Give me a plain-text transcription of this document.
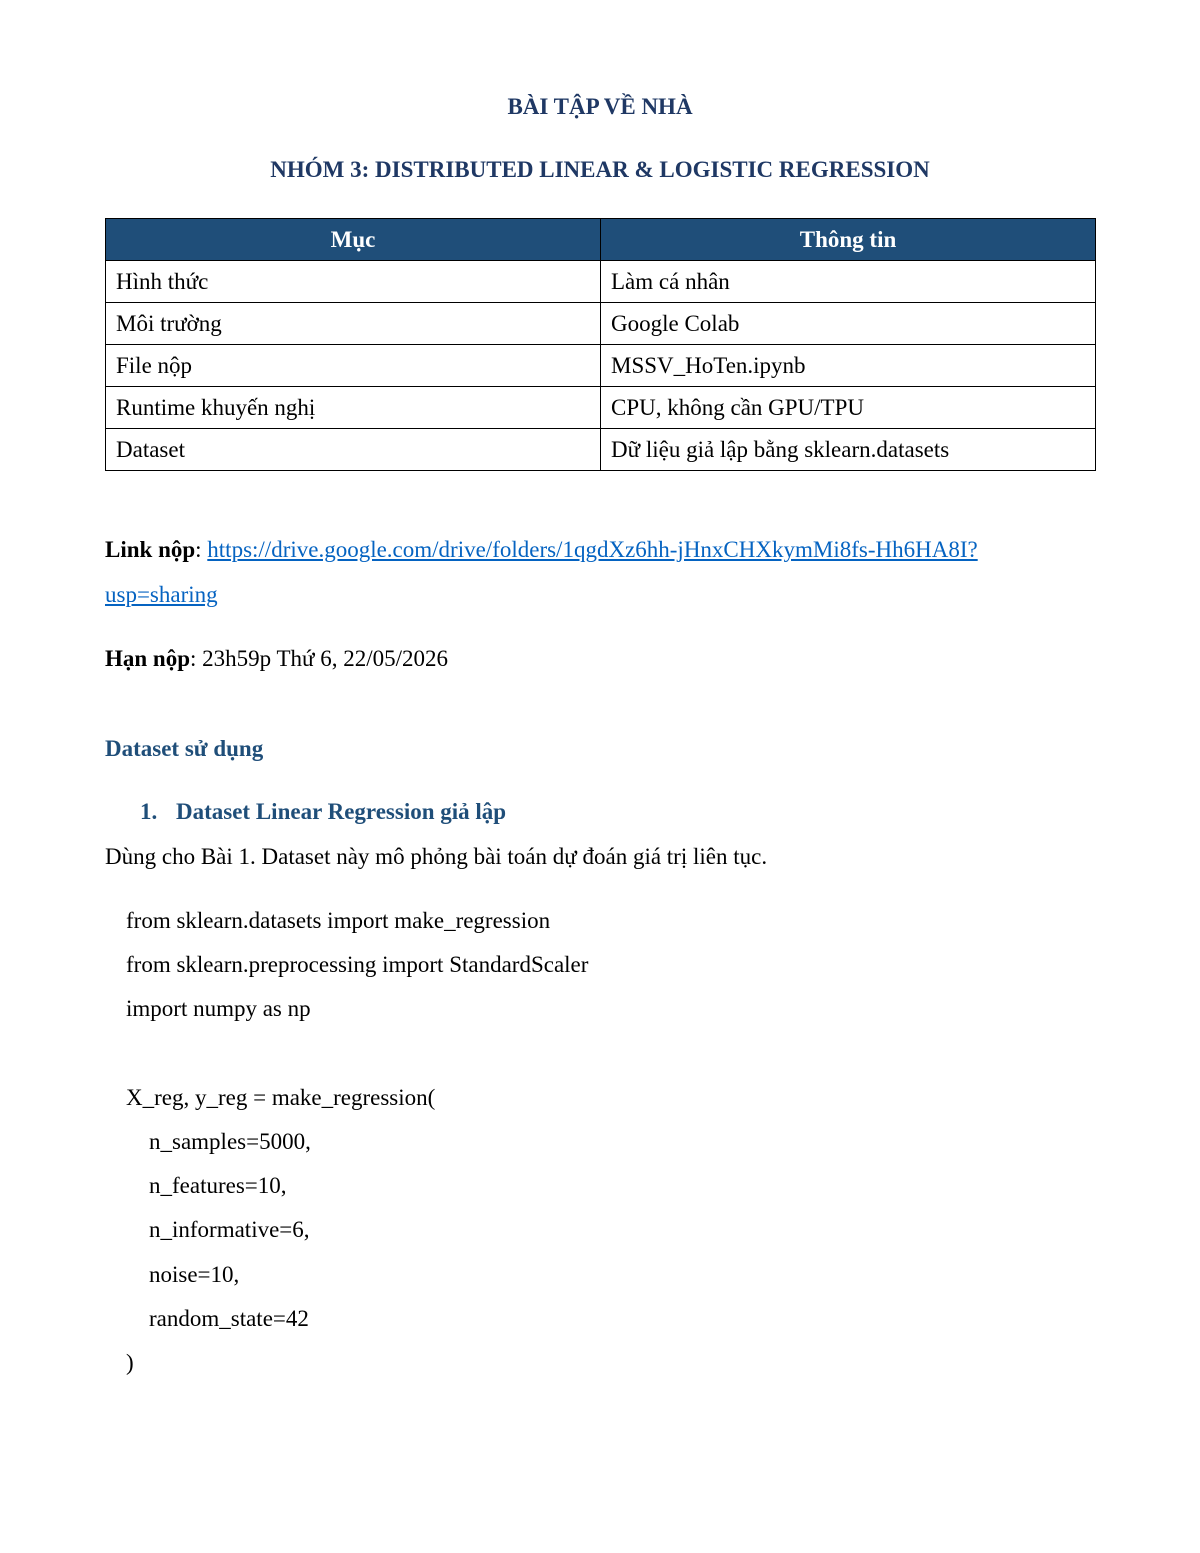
BÀI TẬP VỀ NHÀ
NHÓM 3: DISTRIBUTED LINEAR & LOGISTIC REGRESSION
Mục	Thông tin
Hình thức	Làm cá nhân
Môi trường	Google Colab
File nộp	MSSV_HoTen.ipynb
Runtime khuyến nghị	CPU, không cần GPU/TPU
Dataset	Dữ liệu giả lập bằng sklearn.datasets
Link nộp: https://drive.google.com/drive/folders/1qgdXz6hh-jHnxCHXkymMi8fs-Hh6HA8I?
usp=sharing
Hạn nộp: 23h59p Thứ 6, 22/05/2026
Dataset sử dụng
1. Dataset Linear Regression giả lập
Dùng cho Bài 1. Dataset này mô phỏng bài toán dự đoán giá trị liên tục.
from sklearn.datasets import make_regression
from sklearn.preprocessing import StandardScaler
import numpy as np
X_reg, y_reg = make_regression(
n_samples=5000,
n_features=10,
n_informative=6,
noise=10,
random_state=42
)
